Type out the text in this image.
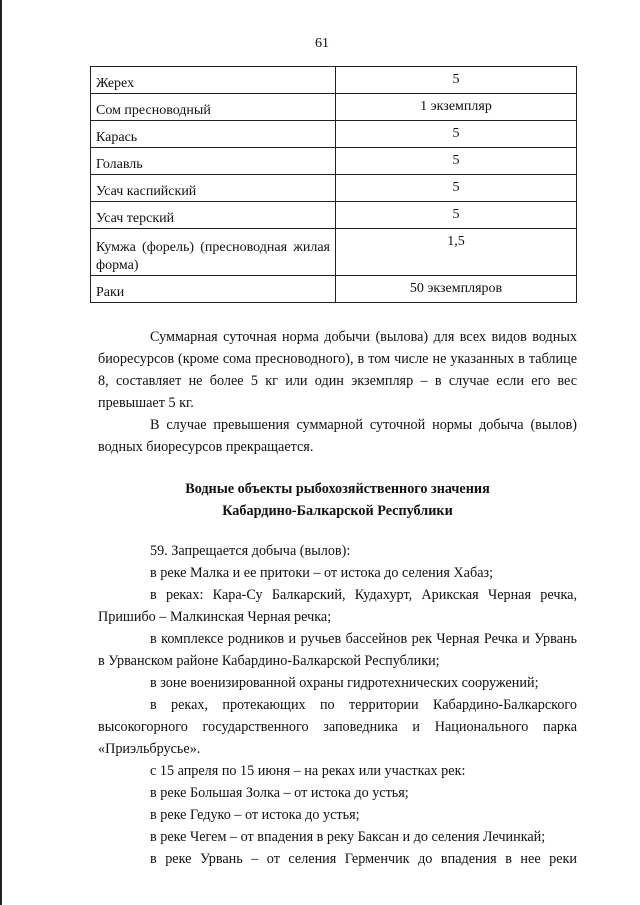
61
Жерех	5
Сом пресноводный	1 экземпляр
Карась	5
Голавль	5
Усач каспийский	5
Усач терский	5
Кумжа (форель) (пресноводная жилая форма)	1,5
Раки	50 экземпляров

Суммарная суточная норма добычи (вылова) для всех видов водных биоресурсов (кроме сома пресноводного), в том числе не указанных в таблице 8, составляет не более 5 кг или один экземпляр – в случае если его вес превышает 5 кг.

В случае превышения суммарной суточной нормы добыча (вылов) водных биоресурсов прекращается.

Водные объекты рыбохозяйственного значения
Кабардино-Балкарской Республики

59. Запрещается добыча (вылов):

в реке Малка и ее притоки – от истока до селения Хабаз;

в реках: Кара-Су Балкарский, Кудахурт, Арикская Черная речка, Пришибо – Малкинская Черная речка;

в комплексе родников и ручьев бассейнов рек Черная Речка и Урвань в Урванском районе Кабардино-Балкарской Республики;

в зоне военизированной охраны гидротехнических сооружений;

в реках, протекающих по территории Кабардино-Балкарского высокогорного государственного заповедника и Национального парка «Приэльбрусье».

с 15 апреля по 15 июня – на реках или участках рек:

в реке Большая Золка – от истока до устья;

в реке Гедуко – от истока до устья;

в реке Чегем – от впадения в реку Баксан и до селения Лечинкай;

в реке Урвань – от селения Герменчик до впадения в нее реки
